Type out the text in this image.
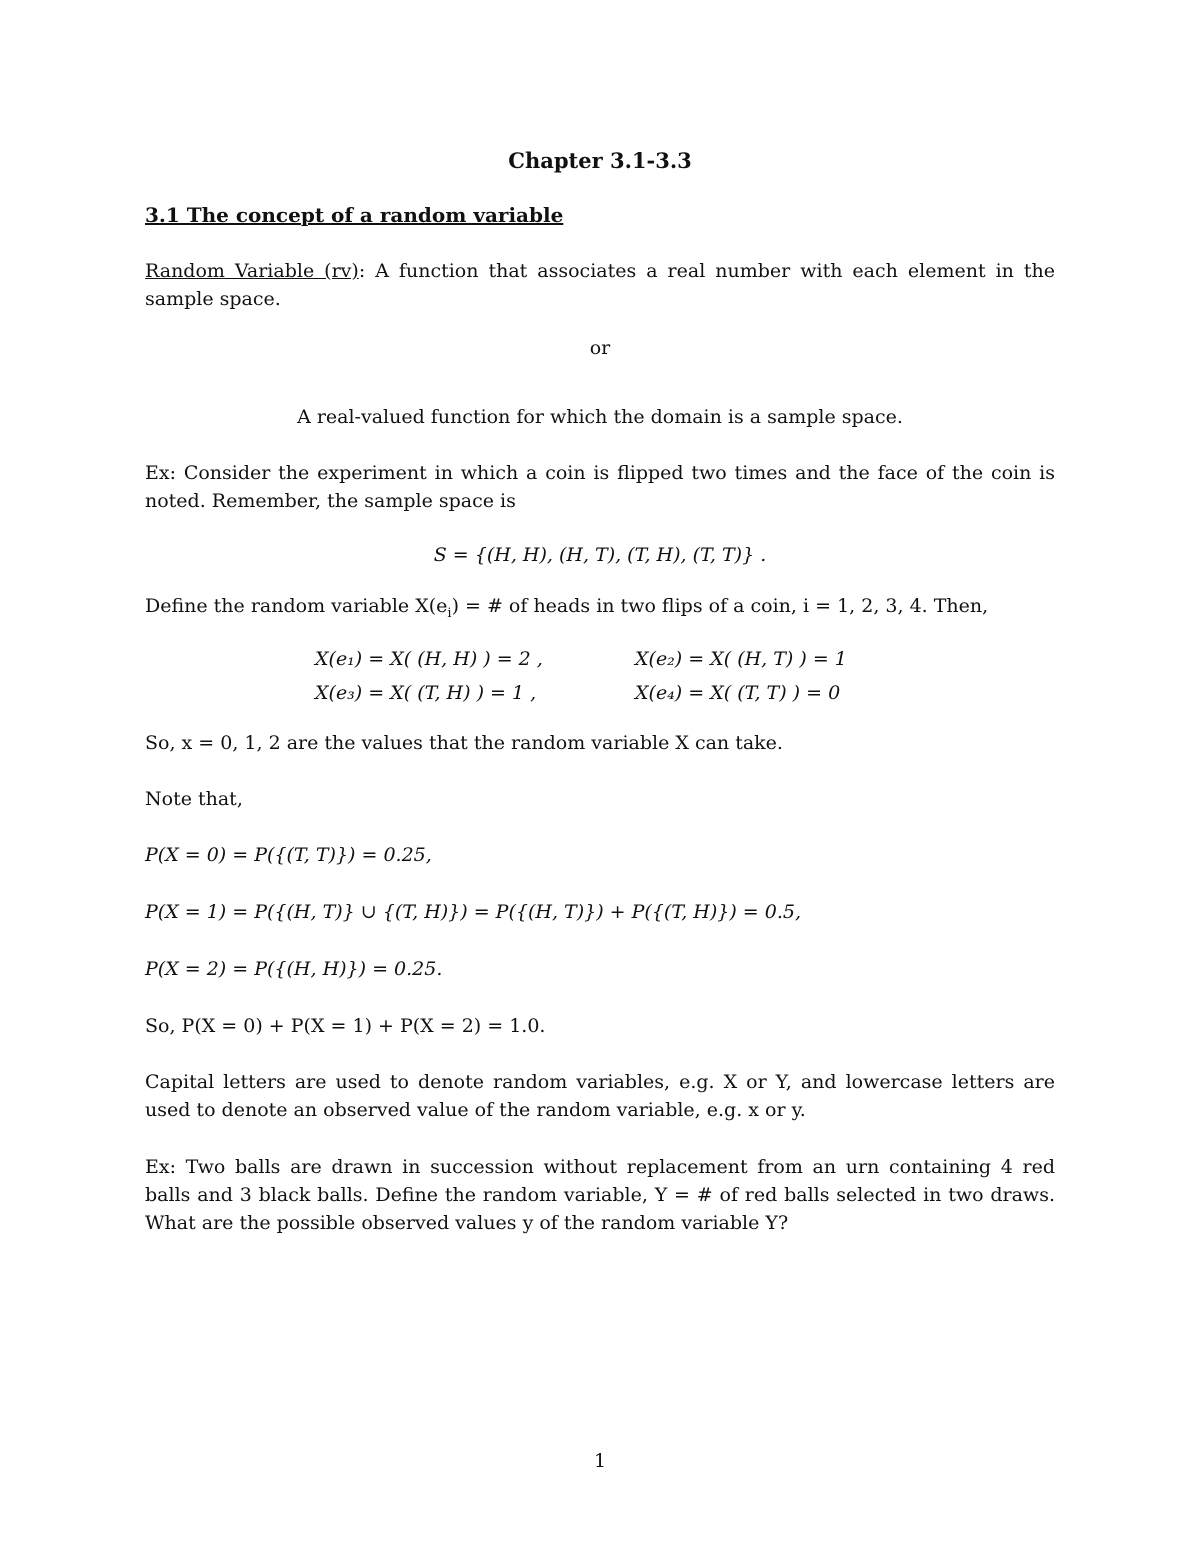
Chapter 3.1-3.3
3.1 The concept of a random variable
Random Variable (rv): A function that associates a real number with each element in the sample space.
or
A real-valued function for which the domain is a sample space.
Ex: Consider the experiment in which a coin is flipped two times and the face of the coin is noted. Remember, the sample space is
S = {(H, H), (H, T), (T, H), (T, T)} .
Define the random variable $X(e_i)$ = # of heads in two flips of a coin, i = 1, 2, 3, 4. Then,
X(e₁) = X( (H, H) ) = 2 ,	X(e₂) = X( (H, T) ) = 1
X(e₃) = X( (T, H) ) = 1 ,	X(e₄) = X( (T, T) ) = 0
So, x = 0, 1, 2 are the values that the random variable X can take.
Note that,
P(X = 0) = P({(T, T)}) = 0.25,
P(X = 1) = P({(H, T)} ∪ {(T, H)}) = P({(H, T)}) + P({(T, H)}) = 0.5,
P(X = 2) = P({(H, H)}) = 0.25.
So, P(X = 0) + P(X = 1) + P(X = 2) = 1.0.
Capital letters are used to denote random variables, e.g. X or Y, and lowercase letters are used to denote an observed value of the random variable, e.g. x or y.
Ex: Two balls are drawn in succession without replacement from an urn containing 4 red balls and 3 black balls. Define the random variable, Y = # of red balls selected in two draws. What are the possible observed values y of the random variable Y?
1
